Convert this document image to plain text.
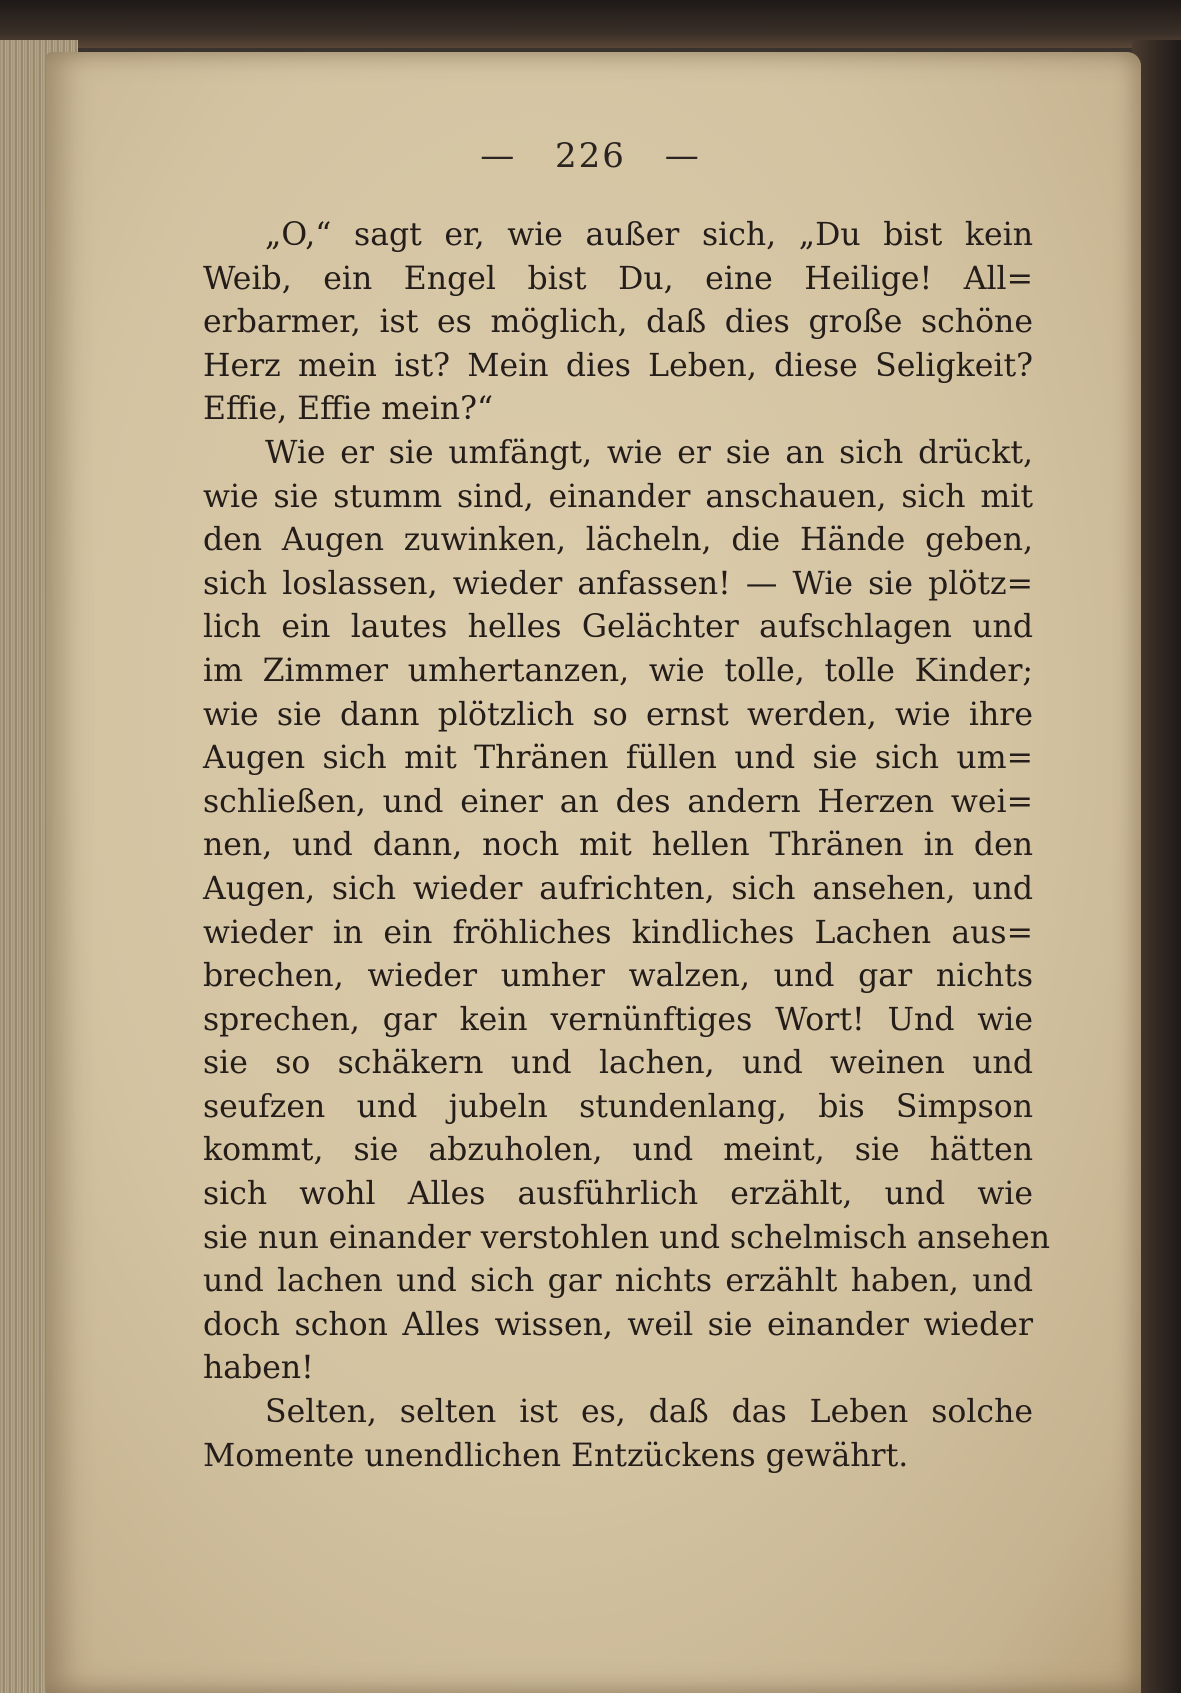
— 226 —
„O,“ sagt er, wie außer sich, „Du bist kein
Weib, ein Engel bist Du, eine Heilige! All=
erbarmer, ist es möglich, daß dies große schöne
Herz mein ist? Mein dies Leben, diese Seligkeit?
Effie, Effie mein?“
Wie er sie umfängt, wie er sie an sich drückt,
wie sie stumm sind, einander anschauen, sich mit
den Augen zuwinken, lächeln, die Hände geben,
sich loslassen, wieder anfassen! — Wie sie plötz=
lich ein lautes helles Gelächter aufschlagen und
im Zimmer umhertanzen, wie tolle, tolle Kinder;
wie sie dann plötzlich so ernst werden, wie ihre
Augen sich mit Thränen füllen und sie sich um=
schließen, und einer an des andern Herzen wei=
nen, und dann, noch mit hellen Thränen in den
Augen, sich wieder aufrichten, sich ansehen, und
wieder in ein fröhliches kindliches Lachen aus=
brechen, wieder umher walzen, und gar nichts
sprechen, gar kein vernünftiges Wort! Und wie
sie so schäkern und lachen, und weinen und
seufzen und jubeln stundenlang, bis Simpson
kommt, sie abzuholen, und meint, sie hätten
sich wohl Alles ausführlich erzählt, und wie
sie nun einander verstohlen und schelmisch ansehen
und lachen und sich gar nichts erzählt haben, und
doch schon Alles wissen, weil sie einander wieder
haben!
Selten, selten ist es, daß das Leben solche
Momente unendlichen Entzückens gewährt.
